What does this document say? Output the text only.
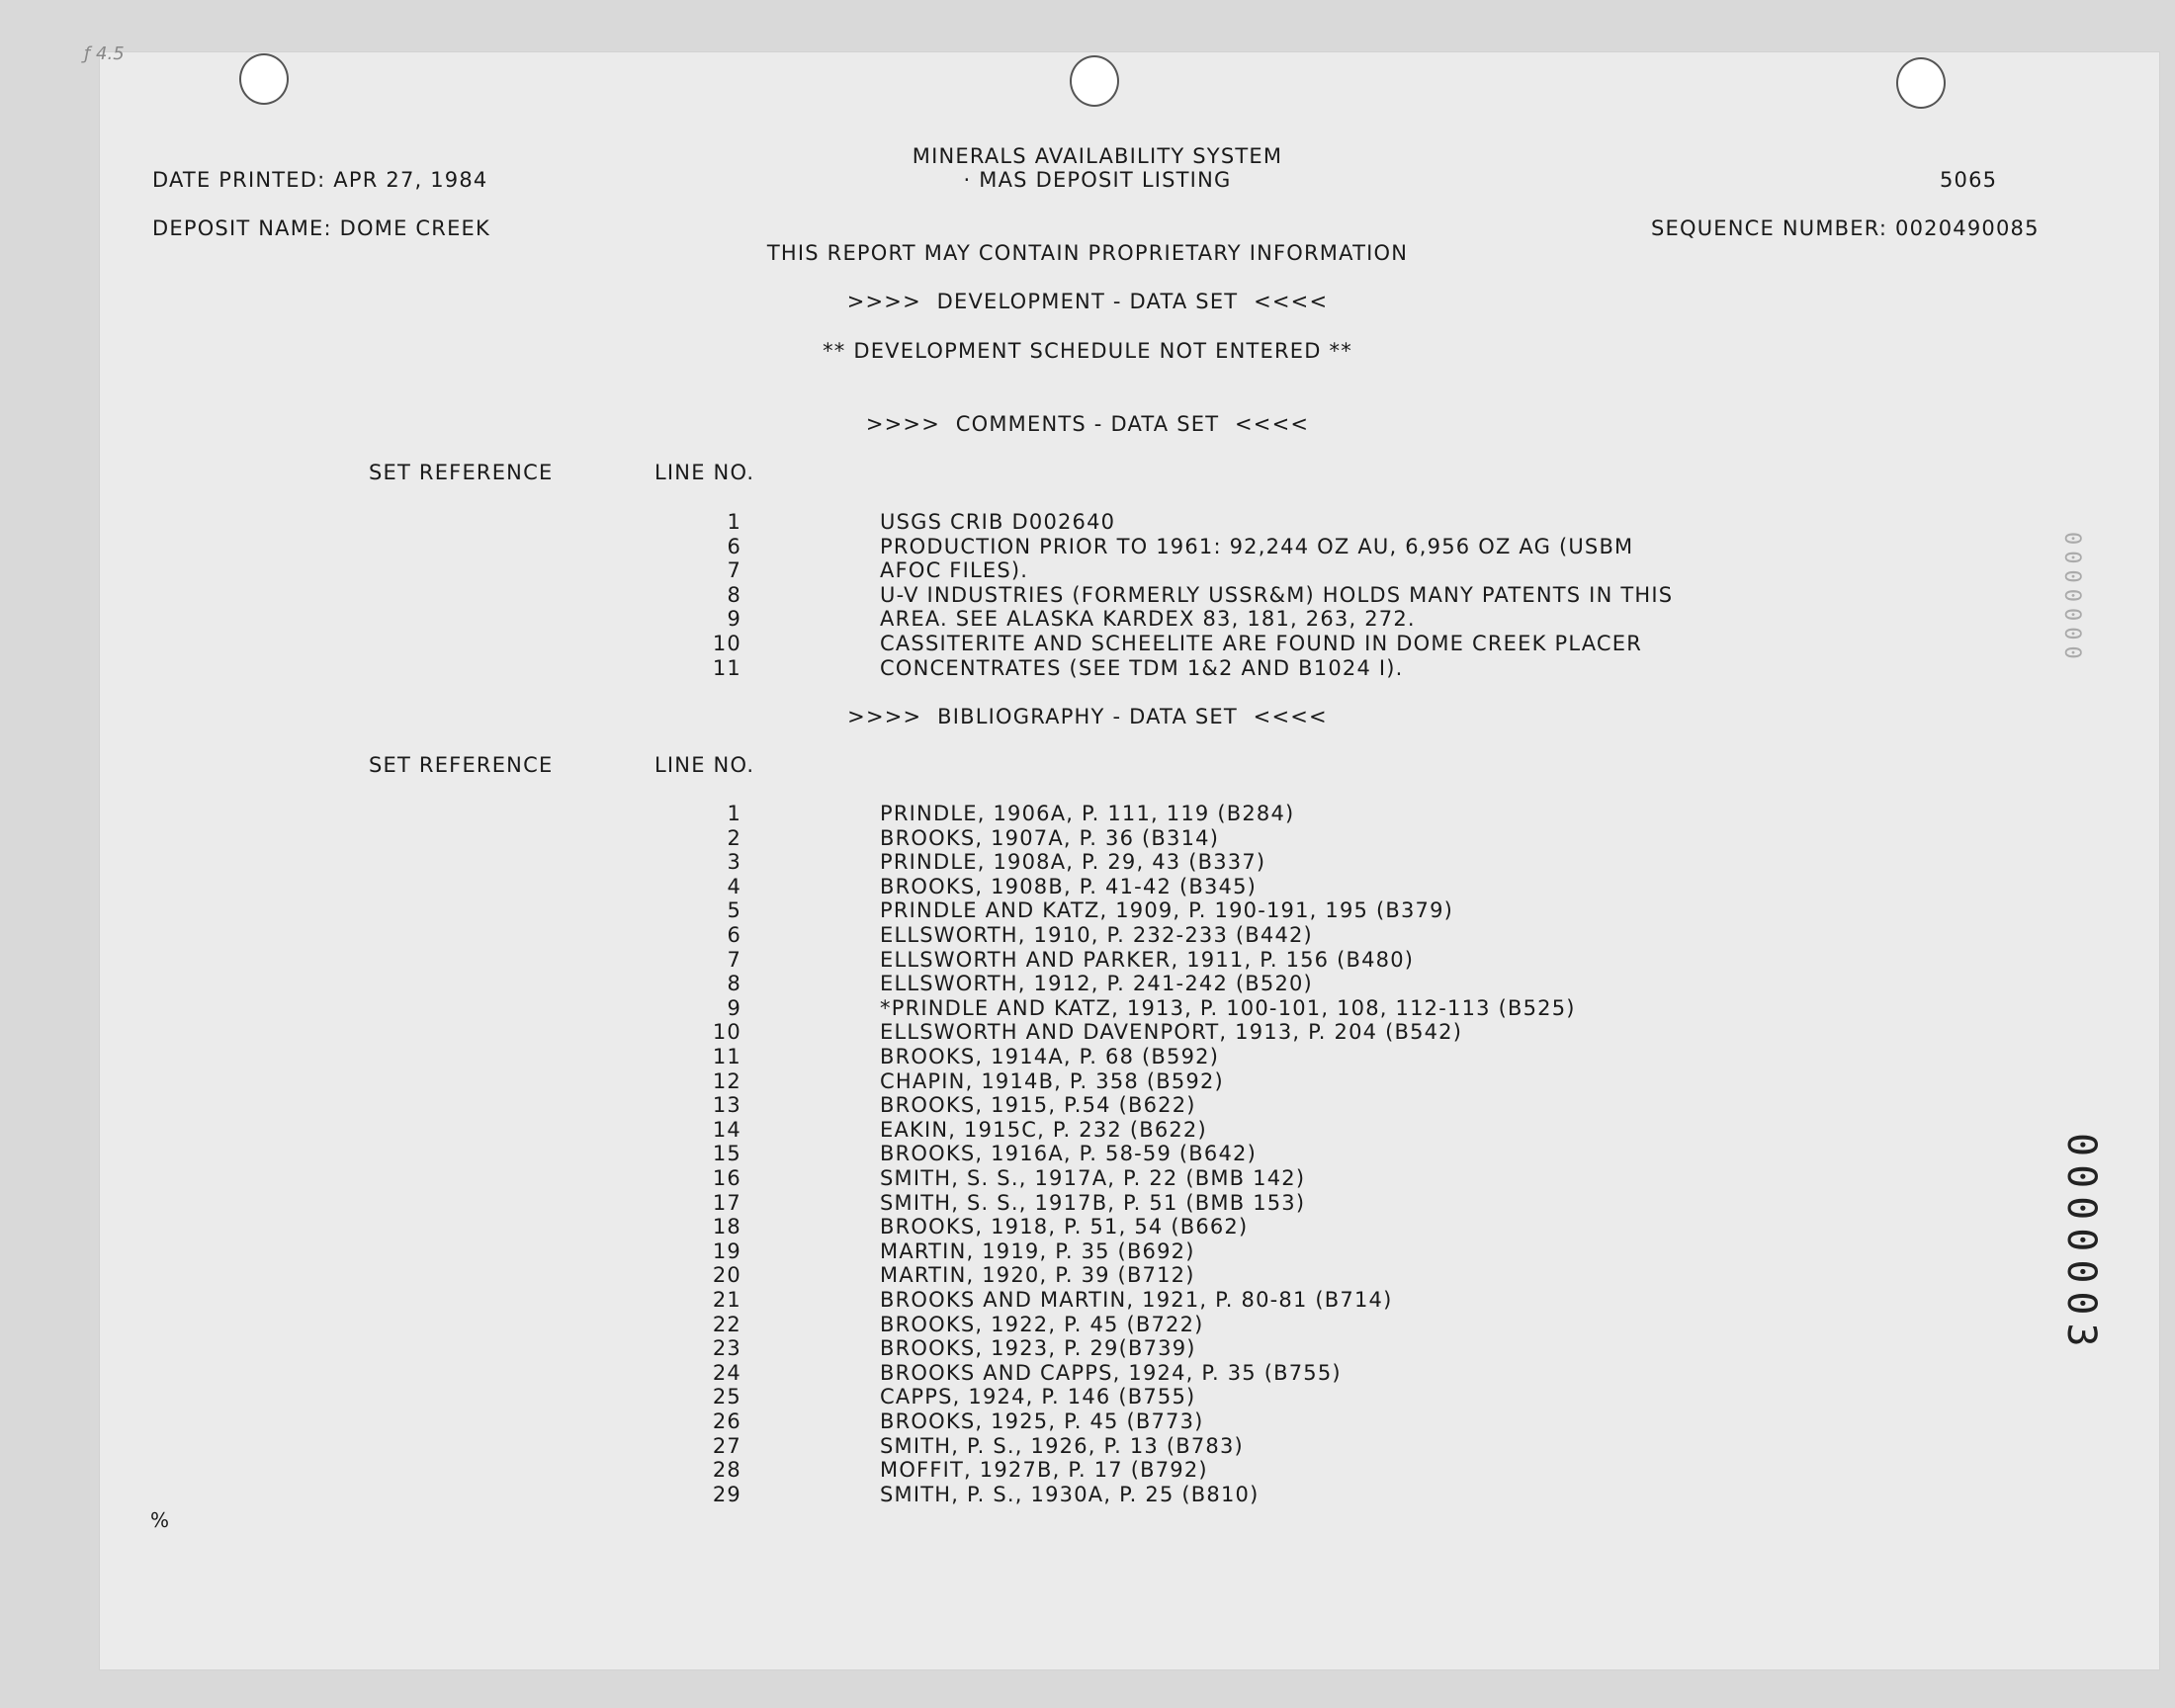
ƒ 4.5
MINERALS AVAILABILITY SYSTEM
· MAS DEPOSIT LISTING
DATE PRINTED: APR 27, 1984	5065
DEPOSIT NAME: DOME CREEK	SEQUENCE NUMBER: 0020490085
THIS REPORT MAY CONTAIN PROPRIETARY INFORMATION
>>>>  DEVELOPMENT - DATA SET  <<<<
** DEVELOPMENT SCHEDULE NOT ENTERED **
>>>>  COMMENTS - DATA SET  <<<<
SET REFERENCE	LINE NO.
1	USGS CRIB D002640
6	PRODUCTION PRIOR TO 1961: 92,244 OZ AU, 6,956 OZ AG (USBM
7	AFOC FILES).
8	U-V INDUSTRIES (FORMERLY USSR&M) HOLDS MANY PATENTS IN THIS
9	AREA. SEE ALASKA KARDEX 83, 181, 263, 272.
10	CASSITERITE AND SCHEELITE ARE FOUND IN DOME CREEK PLACER
11	CONCENTRATES (SEE TDM 1&2 AND B1024 I).
>>>>  BIBLIOGRAPHY - DATA SET  <<<<
SET REFERENCE	LINE NO.
1	PRINDLE, 1906A, P. 111, 119 (B284)
2	BROOKS, 1907A, P. 36 (B314)
3	PRINDLE, 1908A, P. 29, 43 (B337)
4	BROOKS, 1908B, P. 41-42 (B345)
5	PRINDLE AND KATZ, 1909, P. 190-191, 195 (B379)
6	ELLSWORTH, 1910, P. 232-233 (B442)
7	ELLSWORTH AND PARKER, 1911, P. 156 (B480)
8	ELLSWORTH, 1912, P. 241-242 (B520)
9	*PRINDLE AND KATZ, 1913, P. 100-101, 108, 112-113 (B525)
10	ELLSWORTH AND DAVENPORT, 1913, P. 204 (B542)
11	BROOKS, 1914A, P. 68 (B592)
12	CHAPIN, 1914B, P. 358 (B592)
13	BROOKS, 1915, P.54 (B622)
14	EAKIN, 1915C, P. 232 (B622)
15	BROOKS, 1916A, P. 58-59 (B642)
16	SMITH, S. S., 1917A, P. 22 (BMB 142)
17	SMITH, S. S., 1917B, P. 51 (BMB 153)
18	BROOKS, 1918, P. 51, 54 (B662)
19	MARTIN, 1919, P. 35 (B692)
20	MARTIN, 1920, P. 39 (B712)
21	BROOKS AND MARTIN, 1921, P. 80-81 (B714)
22	BROOKS, 1922, P. 45 (B722)
23	BROOKS, 1923, P. 29(B739)
24	BROOKS AND CAPPS, 1924, P. 35 (B755)
25	CAPPS, 1924, P. 146 (B755)
26	BROOKS, 1925, P. 45 (B773)
27	SMITH, P. S., 1926, P. 13 (B783)
28	MOFFIT, 1927B, P. 17 (B792)
29	SMITH, P. S., 1930A, P. 25 (B810)
0000000
0000003
%
